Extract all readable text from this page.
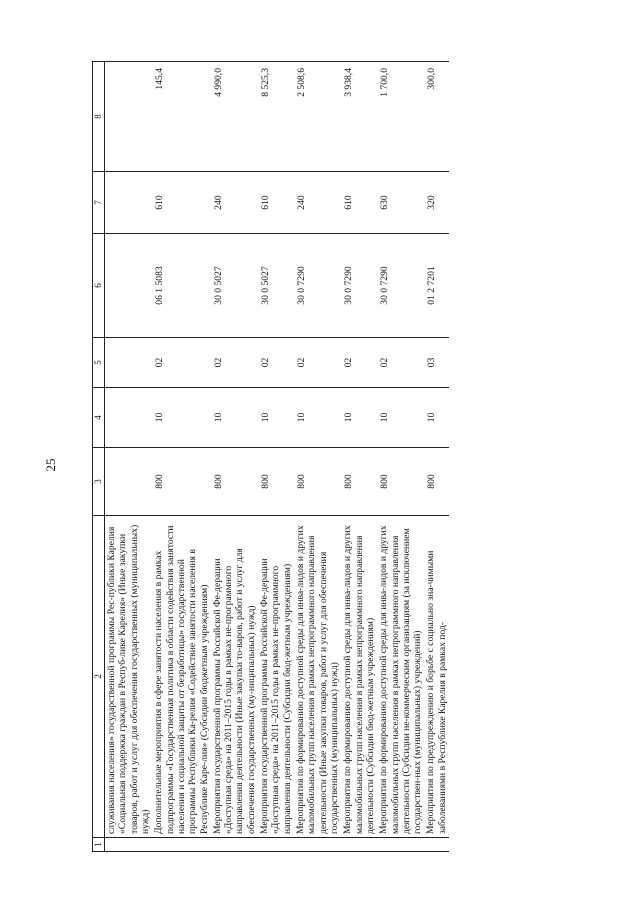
25
1	2	3	4	5	6	7	8
	служивания населения» государственной программы Рес-публики Карелия «Социальная поддержка граждан в Респуб-лике Карелия» (Иные закупки товаров, работ и услуг для обеспечения государственных (муниципальных) нужд)						
	Дополнительные мероприятия в сфере занятости населения в рамках подпрограммы «Государственная политика в области содействия занятости населения и социальной защиты от безработицы» государственной программы Республики Ка-релия «Содействие занятости населения в Республике Каре-лия» (Субсидии бюджетным учреждениям)	800	10	02	06 1 5083	610	145,4
	Мероприятия государственной программы Российской Фе-дерации «Доступная среда» на 2011–2015 годы в рамках не-программного направления деятельности (Иные закупки то-варов, работ и услуг для обеспечения государственных (му-ниципальных) нужд)	800	10	02	30 0 5027	240	4 990,0
	Мероприятия государственной программы Российской Фе-дерации «Доступная среда» на 2011–2015 годы в рамках не-программного направления деятельности (Субсидии бюд-жетным учреждениям)	800	10	02	30 0 5027	610	8 525,3
	Мероприятия по формированию доступной среды для инва-лидов и других маломобильных групп населения в рамках непрограммного направления деятельности (Иные закупки товаров, работ и услуг для обеспечения государственных (муниципальных) нужд)	800	10	02	30 0 7290	240	2 508,6
	Мероприятия по формированию доступной среды для инва-лидов и других маломобильных групп населения в рамках непрограммного направления деятельности (Субсидии бюд-жетным учреждениям)	800	10	02	30 0 7290	610	3 938,4
	Мероприятия по формированию доступной среды для инва-лидов и других маломобильных групп населения в рамках непрограммного направления деятельности (Субсидии не-коммерческим организациям (за исключением государствен-ных (муниципальных) учреждений)	800	10	02	30 0 7290	630	1 700,0
	Мероприятия по предупреждению и борьбе с социально зна-чимыми заболеваниями в Республике Карелия в рамках под-	800	10	03	01 2 7201	320	300,0
